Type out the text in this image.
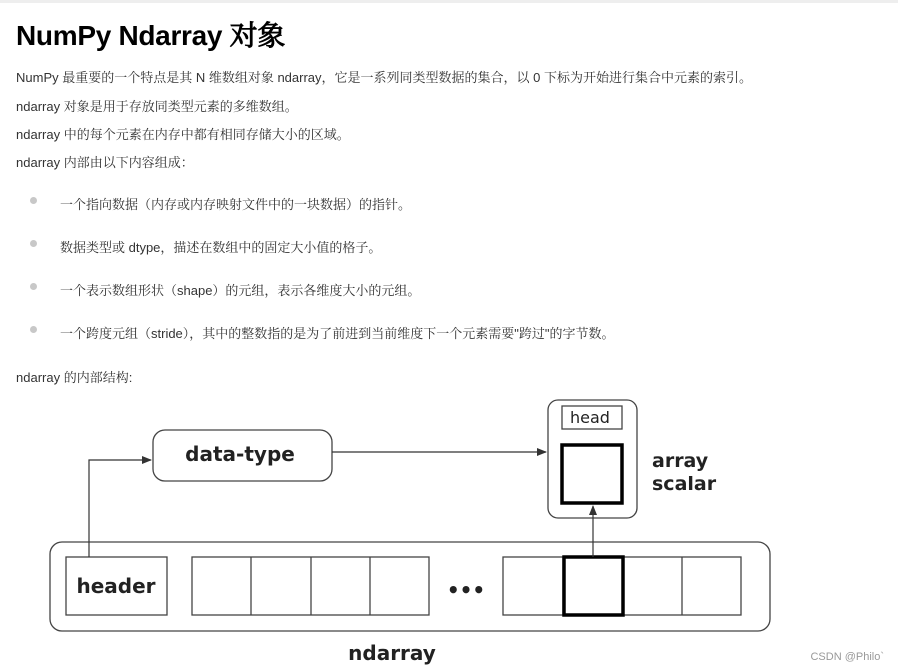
NumPy Ndarray 对象

NumPy 最重要的一个特点是其 N 维数组对象 ndarray，它是一系列同类型数据的集合，以 0 下标为开始进行集合中元素的索引。

ndarray 对象是用于存放同类型元素的多维数组。

ndarray 中的每个元素在内存中都有相同存储大小的区域。

ndarray 内部由以下内容组成：

一个指向数据（内存或内存映射文件中的一块数据）的指针。
数据类型或 dtype，描述在数组中的固定大小值的格子。
一个表示数组形状（shape）的元组，表示各维度大小的元组。
一个跨度元组（stride），其中的整数指的是为了前进到当前维度下一个元素需要"跨过"的字节数。

ndarray 的内部结构:

header	•••
data-type
head
array
scalar
ndarray	CSDN @Philo`
